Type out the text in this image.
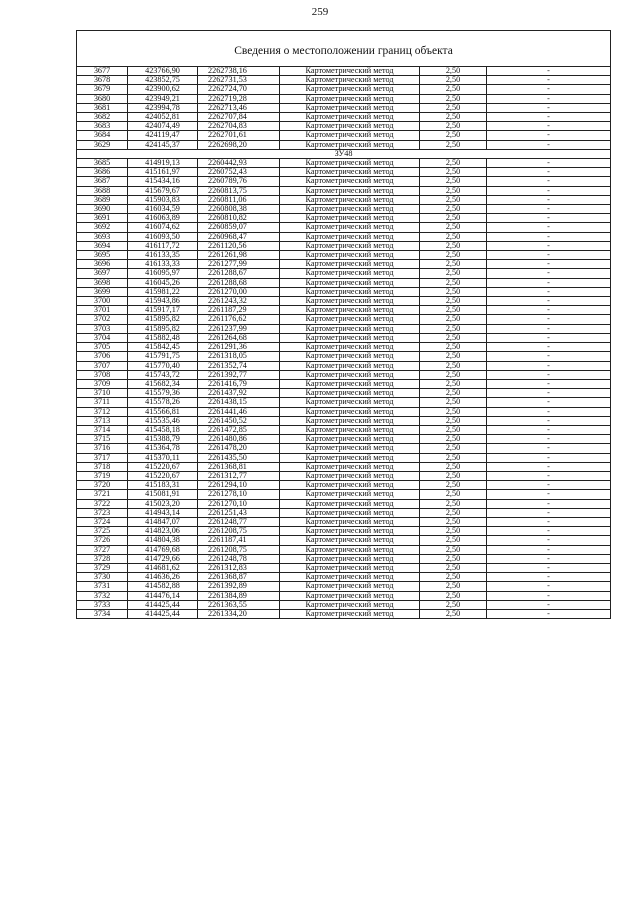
259
Сведения о местоположении границ объекта					
3677	423766,90	2262738,16	Картометрический метод	2,50	-
3678	423852,75	2262731,53	Картометрический метод	2,50	-
3679	423900,62	2262724,70	Картометрический метод	2,50	-
3680	423949,21	2262719,28	Картометрический метод	2,50	-
3681	423994,78	2262713,46	Картометрический метод	2,50	-
3682	424052,81	2262707,84	Картометрический метод	2,50	-
3683	424074,49	2262704,83	Картометрический метод	2,50	-
3684	424119,47	2262701,61	Картометрический метод	2,50	-
3629	424145,37	2262698,20	Картометрический метод	2,50	-
ЗУ48					
3685	414919,13	2260442,93	Картометрический метод	2,50	-
3686	415161,97	2260752,43	Картометрический метод	2,50	-
3687	415434,16	2260789,76	Картометрический метод	2,50	-
3688	415679,67	2260813,75	Картометрический метод	2,50	-
3689	415903,83	2260811,06	Картометрический метод	2,50	-
3690	416034,59	2260808,38	Картометрический метод	2,50	-
3691	416063,89	2260810,82	Картометрический метод	2,50	-
3692	416074,62	2260859,07	Картометрический метод	2,50	-
3693	416093,50	2260968,47	Картометрический метод	2,50	-
3694	416117,72	2261120,56	Картометрический метод	2,50	-
3695	416133,35	2261261,98	Картометрический метод	2,50	-
3696	416133,33	2261277,99	Картометрический метод	2,50	-
3697	416095,97	2261288,67	Картометрический метод	2,50	-
3698	416045,26	2261288,68	Картометрический метод	2,50	-
3699	415981,22	2261270,00	Картометрический метод	2,50	-
3700	415943,86	2261243,32	Картометрический метод	2,50	-
3701	415917,17	2261187,29	Картометрический метод	2,50	-
3702	415895,82	2261176,62	Картометрический метод	2,50	-
3703	415895,82	2261237,99	Картометрический метод	2,50	-
3704	415882,48	2261264,68	Картометрический метод	2,50	-
3705	415842,45	2261291,36	Картометрический метод	2,50	-
3706	415791,75	2261318,05	Картометрический метод	2,50	-
3707	415770,40	2261352,74	Картометрический метод	2,50	-
3708	415743,72	2261392,77	Картометрический метод	2,50	-
3709	415682,34	2261416,79	Картометрический метод	2,50	-
3710	415579,36	2261437,92	Картометрический метод	2,50	-
3711	415578,26	2261438,15	Картометрический метод	2,50	-
3712	415566,81	2261441,46	Картометрический метод	2,50	-
3713	415535,46	2261450,52	Картометрический метод	2,50	-
3714	415458,18	2261472,85	Картометрический метод	2,50	-
3715	415388,79	2261480,86	Картометрический метод	2,50	-
3716	415364,78	2261478,20	Картометрический метод	2,50	-
3717	415370,11	2261435,50	Картометрический метод	2,50	-
3718	415220,67	2261368,81	Картометрический метод	2,50	-
3719	415220,67	2261312,77	Картометрический метод	2,50	-
3720	415183,31	2261294,10	Картометрический метод	2,50	-
3721	415081,91	2261278,10	Картометрический метод	2,50	-
3722	415023,20	2261270,10	Картометрический метод	2,50	-
3723	414943,14	2261251,43	Картометрический метод	2,50	-
3724	414847,07	2261248,77	Картометрический метод	2,50	-
3725	414823,06	2261208,75	Картометрический метод	2,50	-
3726	414804,38	2261187,41	Картометрический метод	2,50	-
3727	414769,68	2261208,75	Картометрический метод	2,50	-
3728	414729,66	2261248,78	Картометрический метод	2,50	-
3729	414681,62	2261312,83	Картометрический метод	2,50	-
3730	414636,26	2261368,87	Картометрический метод	2,50	-
3731	414582,88	2261392,89	Картометрический метод	2,50	-
3732	414476,14	2261384,89	Картометрический метод	2,50	-
3733	414425,44	2261363,55	Картометрический метод	2,50	-
3734	414425,44	2261334,20	Картометрический метод	2,50	-
